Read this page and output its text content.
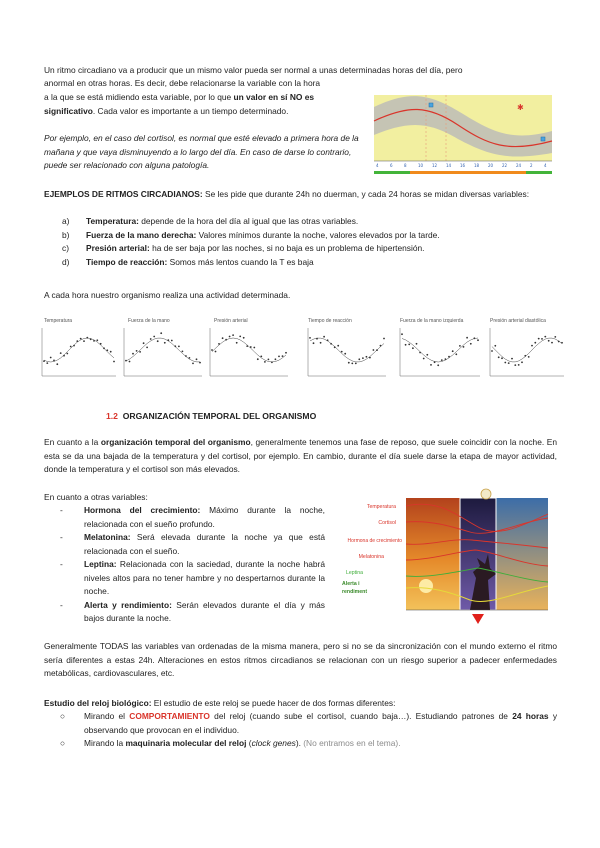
Un ritmo circadiano va a producir que un mismo valor pueda ser normal a unas determinadas horas del día, pero
anormal en otras horas. Es decir, debe relacionarse la variable con la hora
a la que se está midiendo esta variable, por lo que un valor en sí NO es
significativo. Cada valor es importante a un tiempo determinado.
Por ejemplo, en el caso del cortisol, es normal que esté elevado a primera hora de la mañana y que vaya disminuyendo a lo largo del día. En caso de darse lo contrario, puede ser relacionado con alguna patología.
✱
4	6	8	10 12 14 16 18 20 22 24 2	4
EJEMPLOS DE RITMOS CIRCADIANOS: Se les pide que durante 24h no duerman, y cada 24 horas se midan diversas variables:
a) Temperatura: depende de la hora del día al igual que las otras variables.
b) Fuerza de la mano derecha: Valores mínimos durante la noche, valores elevados por la tarde.
c) Presión arterial: ha de ser baja por las noches, si no baja es un problema de hipertensión.
d) Tiempo de reacción: Somos más lentos cuando la T es baja
A cada hora nuestro organismo realiza una actividad determinada.
Temperatura	Fuerza de la mano	Presión arterial	Tiempo de reacción	Fuerza de la mano izquierda	Presión arterial diastólica
1.2 ORGANIZACIÓN TEMPORAL DEL ORGANISMO
En cuanto a la organización temporal del organismo, generalmente tenemos una fase de reposo, que suele coincidir con la noche. En esta se da una bajada de la temperatura y del cortisol, por ejemplo. En cambio, durante el día suele darse la etapa de mayor actividad, donde la temperatura y el cortisol son más elevados.
En cuanto a otras variables:
-	Hormona del crecimiento: Máximo durante la noche, relacionada con el sueño profundo.
-	Melatonina: Será elevada durante la noche ya que está relacionada con el sueño.
-	Leptina: Relacionada con la saciedad, durante la noche habrá niveles altos para no tener hambre y no despertarnos durante la noche.
-	Alerta y rendimiento: Serán elevados durante el día y más bajos durante la noche.
Temperatura
Cortisol
Hormona de crecimiento
Melatonina
Leptina
Alerta i
rendiment
Generalmente TODAS las variables van ordenadas de la misma manera, pero si no se da sincronización con el mundo externo el ritmo sería diferentes a estas 24h. Alteraciones en estos ritmos circadianos se relacionan con un riesgo superior a padecer enfermedades metabólicas, cardiovasculares, etc.
Estudio del reloj biológico: El estudio de este reloj se puede hacer de dos formas diferentes:
○ Mirando el COMPORTAMIENTO del reloj (cuando sube el cortisol, cuando baja…). Estudiando patrones de 24 horas y observando que provocan en el individuo.
○ Mirando la maquinaria molecular del reloj (clock genes). (No entramos en el tema).
